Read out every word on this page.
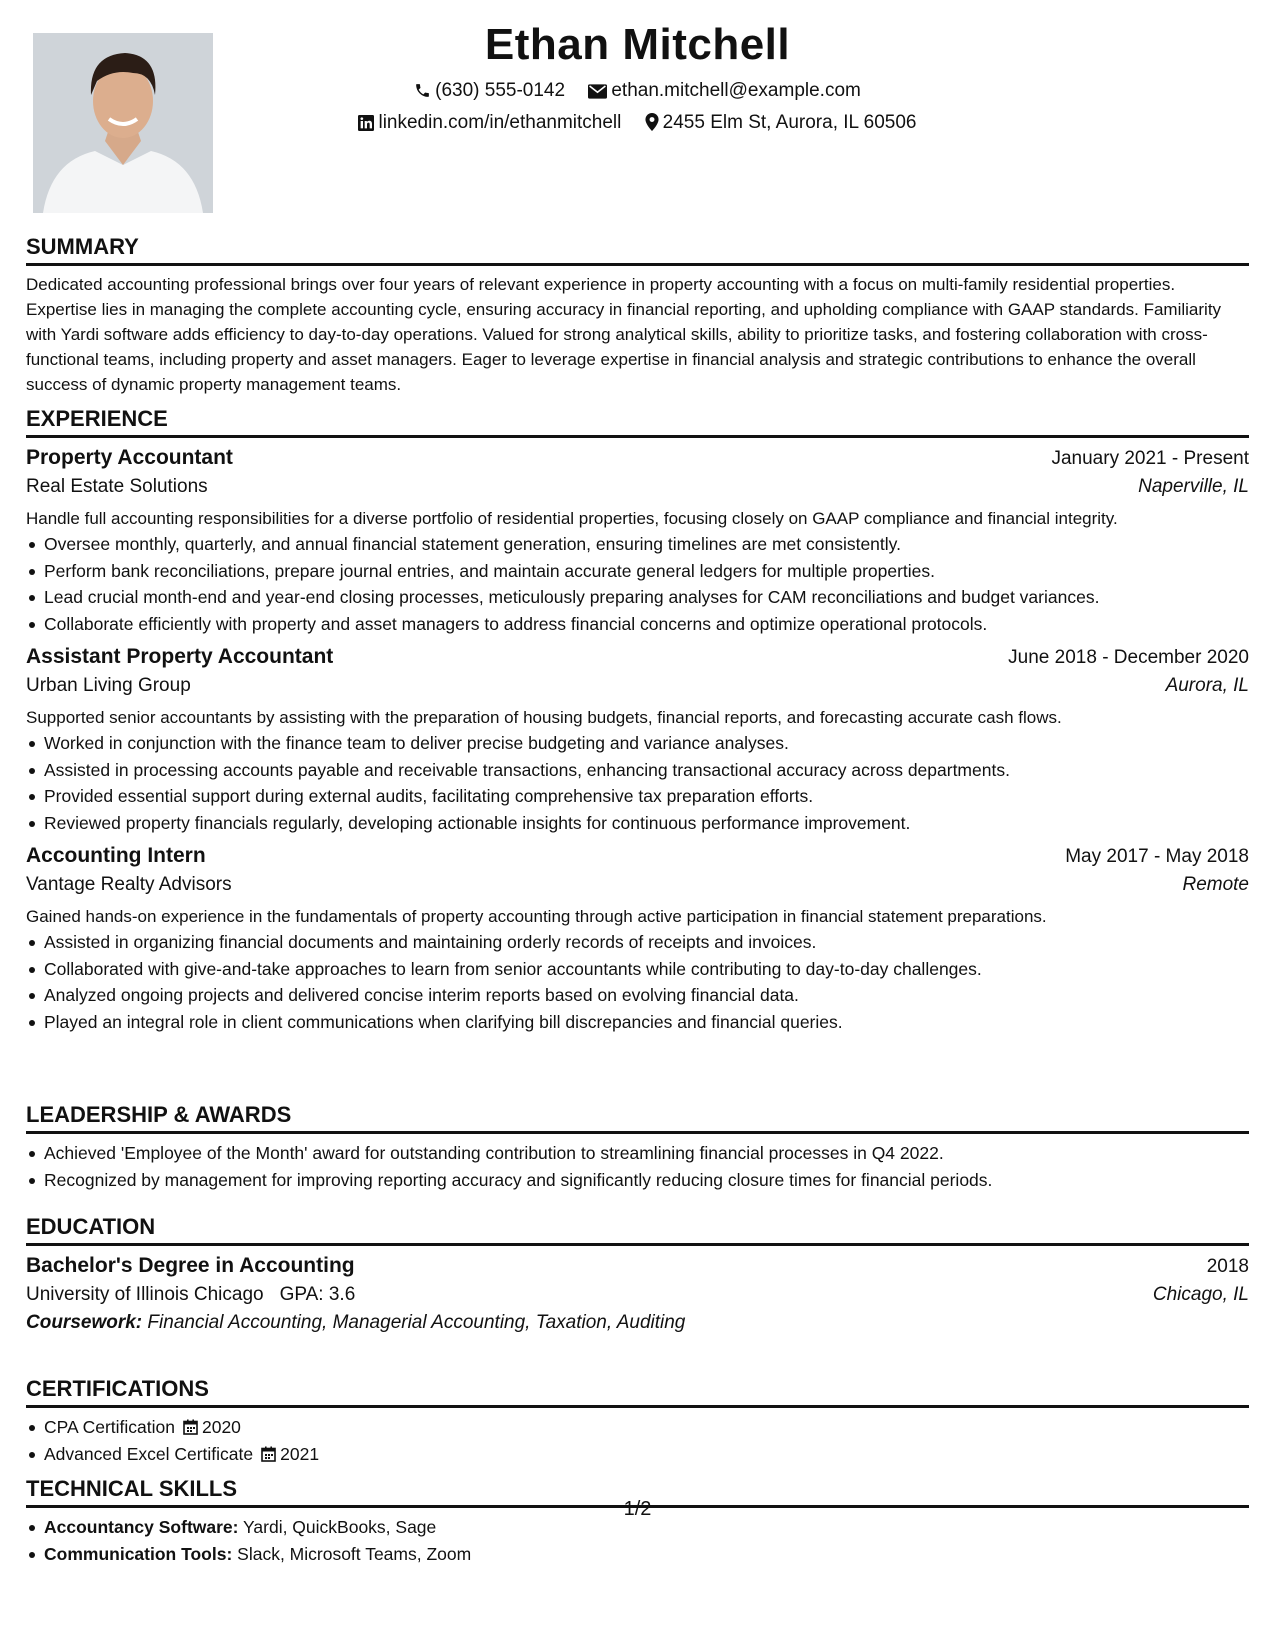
Ethan Mitchell
(630) 555-0142 ethan.mitchell@example.com
linkedin.com/in/ethanmitchell 2455 Elm St, Aurora, IL 60506
SUMMARY
Dedicated accounting professional brings over four years of relevant experience in property accounting with a focus on multi-family residential properties. Expertise lies in managing the complete accounting cycle, ensuring accuracy in financial reporting, and upholding compliance with GAAP standards. Familiarity with Yardi software adds efficiency to day-to-day operations. Valued for strong analytical skills, ability to prioritize tasks, and fostering collaboration with cross-functional teams, including property and asset managers. Eager to leverage expertise in financial analysis and strategic contributions to enhance the overall success of dynamic property management teams.
EXPERIENCE
Property Accountant	January 2021 - Present
Real Estate Solutions	Naperville, IL
Handle full accounting responsibilities for a diverse portfolio of residential properties, focusing closely on GAAP compliance and financial integrity.
Oversee monthly, quarterly, and annual financial statement generation, ensuring timelines are met consistently.
Perform bank reconciliations, prepare journal entries, and maintain accurate general ledgers for multiple properties.
Lead crucial month-end and year-end closing processes, meticulously preparing analyses for CAM reconciliations and budget variances.
Collaborate efficiently with property and asset managers to address financial concerns and optimize operational protocols.
Assistant Property Accountant	June 2018 - December 2020
Urban Living Group	Aurora, IL
Supported senior accountants by assisting with the preparation of housing budgets, financial reports, and forecasting accurate cash flows.
Worked in conjunction with the finance team to deliver precise budgeting and variance analyses.
Assisted in processing accounts payable and receivable transactions, enhancing transactional accuracy across departments.
Provided essential support during external audits, facilitating comprehensive tax preparation efforts.
Reviewed property financials regularly, developing actionable insights for continuous performance improvement.
Accounting Intern	May 2017 - May 2018
Vantage Realty Advisors	Remote
Gained hands-on experience in the fundamentals of property accounting through active participation in financial statement preparations.
Assisted in organizing financial documents and maintaining orderly records of receipts and invoices.
Collaborated with give-and-take approaches to learn from senior accountants while contributing to day-to-day challenges.
Analyzed ongoing projects and delivered concise interim reports based on evolving financial data.
Played an integral role in client communications when clarifying bill discrepancies and financial queries.
LEADERSHIP & AWARDS
Achieved 'Employee of the Month' award for outstanding contribution to streamlining financial processes in Q4 2022.
Recognized by management for improving reporting accuracy and significantly reducing closure times for financial periods.
EDUCATION
Bachelor's Degree in Accounting	2018
University of Illinois Chicago GPA: 3.6	Chicago, IL
Coursework: Financial Accounting, Managerial Accounting, Taxation, Auditing
CERTIFICATIONS
CPA Certification 2020
Advanced Excel Certificate 2021
TECHNICAL SKILLS
Accountancy Software: Yardi, QuickBooks, Sage
Communication Tools: Slack, Microsoft Teams, Zoom
1/2
